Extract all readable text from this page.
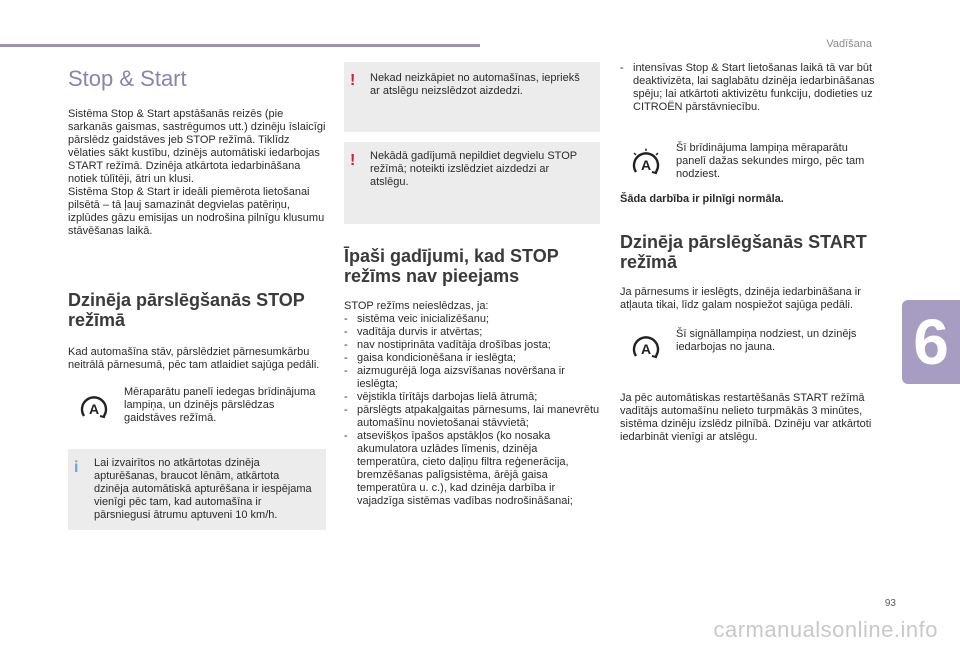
Vadīšana
6
Stop & Start

Sistēma Stop & Start apstāšanās reizēs (pie sarkanās gaismas, sastrēgumos utt.) dzinēju īslaicīgi pārslēdz gaidstāves jeb STOP režīmā. Tiklīdz vēlaties sākt kustību, dzinējs automātiski iedarbojas START režīmā. Dzinēja atkārtota iedarbināšana notiek tūlītēji, ātri un klusi.

Sistēma Stop & Start ir ideāli piemērota lietošanai pilsētā – tā ļauj samazināt degvielas patēriņu, izplūdes gāzu emisijas un nodrošina pilnīgu klusumu stāvēšanas laikā.

Dzinēja pārslēgšanās STOP režīmā

Kad automašīna stāv, pārslēdziet pārnesumkārbu neitrālā pārnesumā, pēc tam atlaidiet sajūga pedāli.

A
Mēraparātu panelī iedegas brīdinājuma lampiņa, un dzinējs pārslēdzas gaidstāves režīmā.
i Lai izvairītos no atkārtotas dzinēja apturēšanas, braucot lēnām, atkārtota dzinēja automātiskā apturēšana ir iespējama vienīgi pēc tam, kad automašīna ir pārsniegusi ātrumu aptuveni 10 km/h.
! Nekad neizkāpiet no automašīnas, iepriekš ar atslēgu neizslēdzot aizdedzi.
! Nekādā gadījumā nepildiet degvielu STOP režīmā; noteikti izslēdziet aizdedzi ar atslēgu.
Īpaši gadījumi, kad STOP režīms nav pieejams

STOP režīms neieslēdzas, ja:

- sistēma veic inicializēšanu;
- vadītāja durvis ir atvērtas;
- nav nostiprināta vadītāja drošības josta;
- gaisa kondicionēšana ir ieslēgta;
- aizmugurējā loga aizsvīšanas novēršana ir ieslēgta;
- vējstikla tīrītājs darbojas lielā ātrumā;
- pārslēgts atpakaļgaitas pārnesums, lai manevrētu automašīnu novietošanai stāvvietā;
- atsevišķos īpašos apstākļos (ko nosaka akumulatora uzlādes līmenis, dzinēja temperatūra, cieto daļiņu filtra reģenerācija, bremzēšanas palīgsistēma, ārējā gaisa temperatūra u. c.), kad dzinēja darbība ir vajadzīga sistēmas vadības nodrošināšanai;
- intensīvas Stop & Start lietošanas laikā tā var būt deaktivizēta, lai saglabātu dzinēja iedarbināšanas spēju; lai atkārtoti aktivizētu funkciju, dodieties uz CITROËN pārstāvniecību.
A
Šī brīdinājuma lampiņa mēraparātu panelī dažas sekundes mirgo, pēc tam nodziest.

Šāda darbība ir pilnīgi normāla.

Dzinēja pārslēgšanās START režīmā

Ja pārnesums ir ieslēgts, dzinēja iedarbināšana ir atļauta tikai, līdz galam nospiežot sajūga pedāli.

A
Šī signāllampiņa nodziest, un dzinējs iedarbojas no jauna.

Ja pēc automātiskas restartēšanās START režīmā vadītājs automašīnu nelieto turpmākās 3 minūtes, sistēma dzinēju izslēdz pilnībā. Dzinēju var atkārtoti iedarbināt vienīgi ar atslēgu.

93
carmanualsonline.info
